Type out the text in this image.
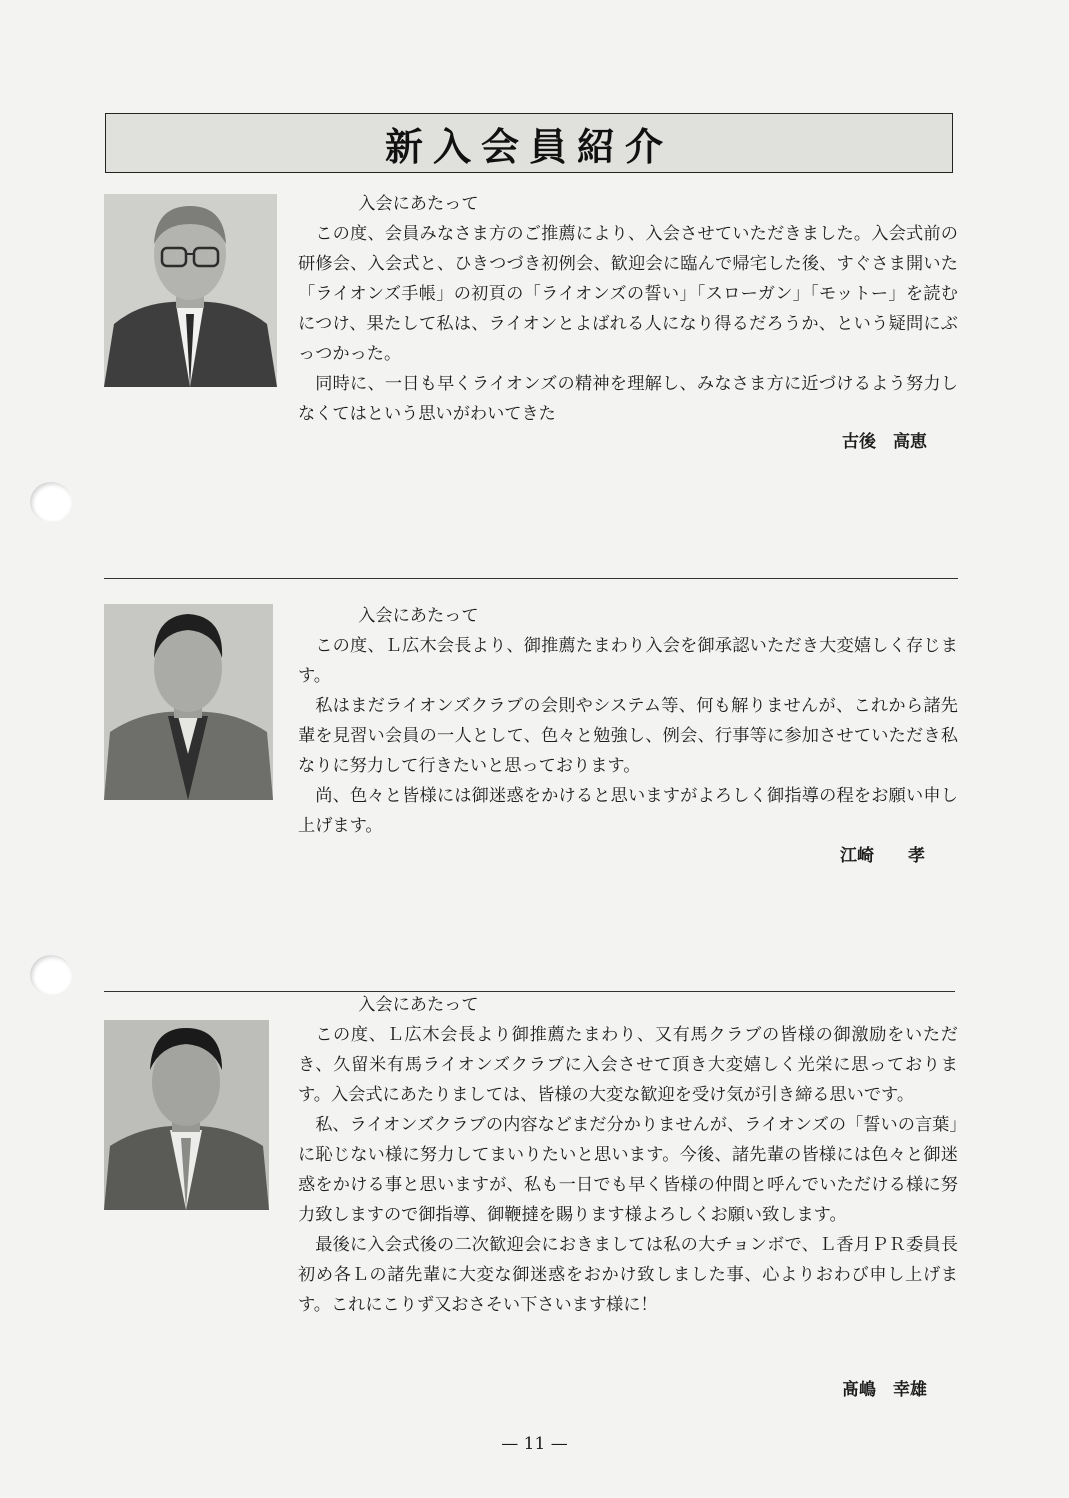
新入会員紹介

入会にあたって

この度、会員みなさま方のご推薦により、入会させていただきました。入会式前の研修会、入会式と、ひきつづき初例会、歓迎会に臨んで帰宅した後、すぐさま開いた「ライオンズ手帳」の初頁の「ライオンズの誓い」「スローガン」「モットー」を読むにつけ、果たして私は、ライオンとよばれる人になり得るだろうか、という疑問にぶっつかった。

同時に、一日も早くライオンズの精神を理解し、みなさま方に近づけるよう努力しなくてはという思いがわいてきた

古後　高恵

入会にあたって

この度、Ｌ広木会長より、御推薦たまわり入会を御承認いただき大変嬉しく存じます。

私はまだライオンズクラブの会則やシステム等、何も解りませんが、これから諸先輩を見習い会員の一人として、色々と勉強し、例会、行事等に参加させていただき私なりに努力して行きたいと思っております。

尚、色々と皆様には御迷惑をかけると思いますがよろしく御指導の程をお願い申し上げます。

江崎　　孝

入会にあたって

この度、Ｌ広木会長より御推薦たまわり、又有馬クラブの皆様の御激励をいただき、久留米有馬ライオンズクラブに入会させて頂き大変嬉しく光栄に思っております。入会式にあたりましては、皆様の大変な歓迎を受け気が引き締る思いです。

私、ライオンズクラブの内容などまだ分かりませんが、ライオンズの「誓いの言葉」に恥じない様に努力してまいりたいと思います。今後、諸先輩の皆様には色々と御迷惑をかける事と思いますが、私も一日でも早く皆様の仲間と呼んでいただける様に努力致しますので御指導、御鞭撻を賜ります様よろしくお願い致します。

最後に入会式後の二次歓迎会におきましては私の大チョンボで、Ｌ香月ＰＲ委員長初め各Ｌの諸先輩に大変な御迷惑をおかけ致しました事、心よりおわび申し上げます。これにこりず又おさそい下さいます様に！

髙嶋　幸雄
— 11 —
